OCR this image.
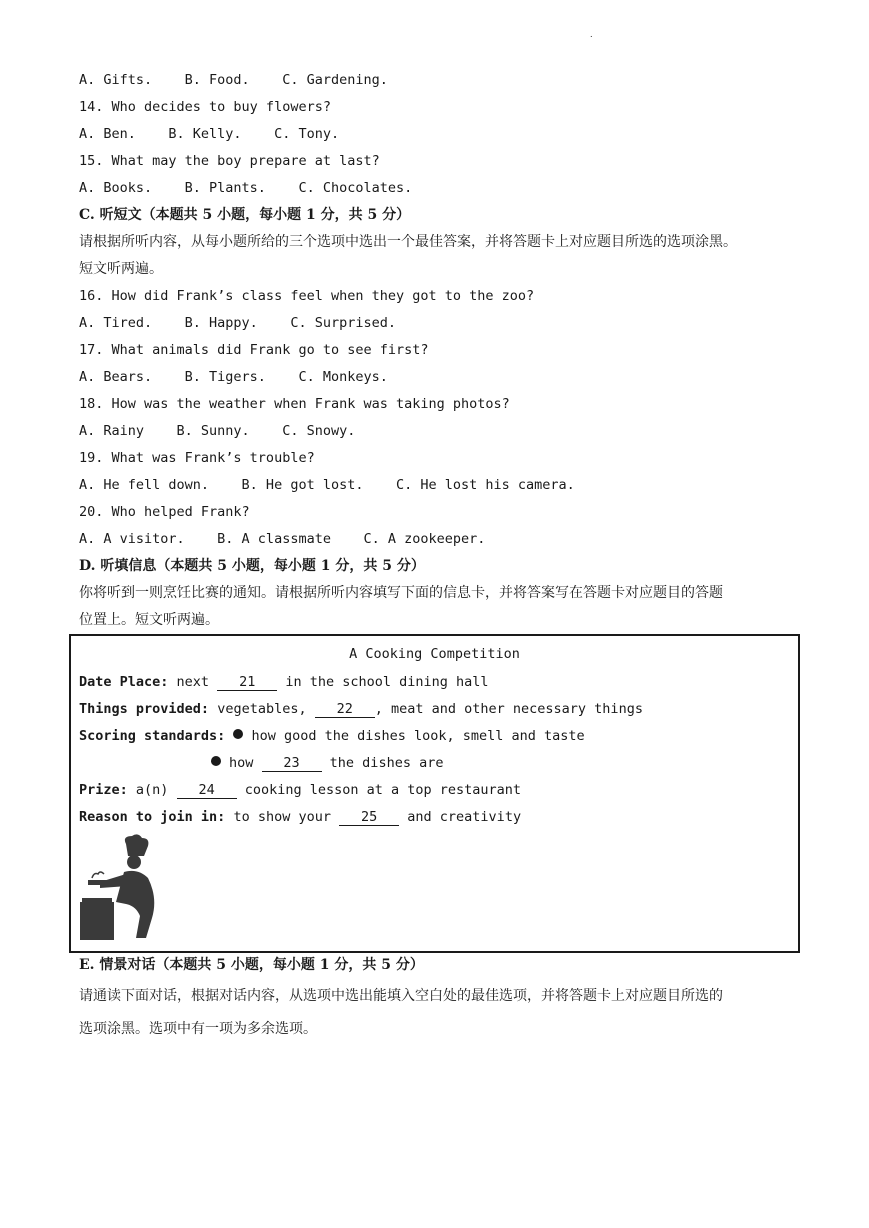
.
A. Gifts.    B. Food.    C. Gardening.
14. Who decides to buy flowers?
A. Ben.    B. Kelly.    C. Tony.
15. What may the boy prepare at last?
A. Books.    B. Plants.    C. Chocolates.
C. 听短文（本题共 5 小题，每小题 1 分，共 5 分）
请根据所听内容，从每小题所给的三个选项中选出一个最佳答案，并将答题卡上对应题目所选的选项涂黑。
短文听两遍。
16. How did Frank’s class feel when they got to the zoo?
A. Tired.    B. Happy.    C. Surprised.
17. What animals did Frank go to see first?
A. Bears.    B. Tigers.    C. Monkeys.
18. How was the weather when Frank was taking photos?
A. Rainy    B. Sunny.    C. Snowy.
19. What was Frank’s trouble?
A. He fell down.    B. He got lost.    C. He lost his camera.
20. Who helped Frank?
A. A visitor.    B. A classmate    C. A zookeeper.
D. 听填信息（本题共 5 小题，每小题 1 分，共 5 分）
你将听到一则烹饪比赛的通知。请根据所听内容填写下面的信息卡，并将答案写在答题卡对应题目的答题
位置上。短文听两遍。
A Cooking Competition
Date Place: next 21 in the school dining hall
Things provided: vegetables, 22 , meat and other necessary things
Scoring standards: how good the dishes look, smell and taste
how 23 the dishes are
Prize: a(n) 24 cooking lesson at a top restaurant
Reason to join in: to show your 25 and creativity
E. 情景对话（本题共 5 小题，每小题 1 分，共 5 分）
请通读下面对话，根据对话内容，从选项中选出能填入空白处的最佳选项，并将答题卡上对应题目所选的
选项涂黑。选项中有一项为多余选项。
